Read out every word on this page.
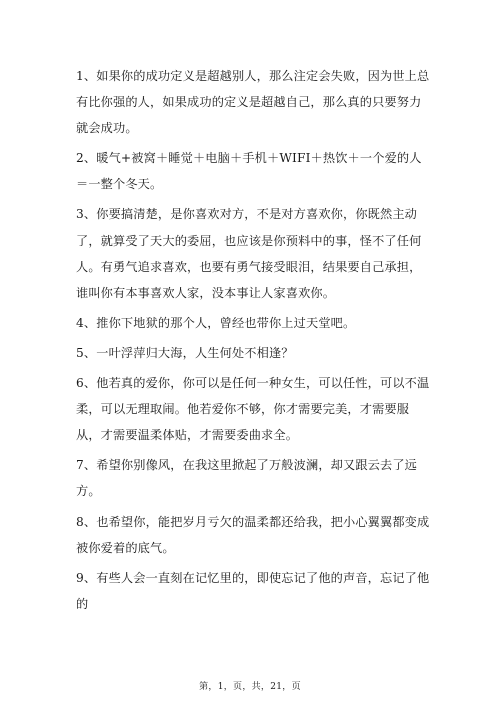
1、如果你的成功定义是超越别人，那么注定会失败，因为世上总有比你强的人，如果成功的定义是超越自己，那么真的只要努力就会成功。

2、暖气+被窝＋睡觉＋电脑＋手机＋WIFI＋热饮＋一个爱的人＝一整个冬天。

3、你要搞清楚，是你喜欢对方，不是对方喜欢你，你既然主动了，就算受了天大的委屈，也应该是你预料中的事，怪不了任何人。有勇气追求喜欢，也要有勇气接受眼泪，结果要自己承担，谁叫你有本事喜欢人家，没本事让人家喜欢你。

4、推你下地狱的那个人，曾经也带你上过天堂吧。

5、一叶浮萍归大海，人生何处不相逢？

6、他若真的爱你，你可以是任何一种女生，可以任性，可以不温柔，可以无理取闹。他若爱你不够，你才需要完美，才需要服从，才需要温柔体贴，才需要委曲求全。

7、希望你别像风，在我这里掀起了万般波澜，却又跟云去了远方。

8、也希望你，能把岁月亏欠的温柔都还给我，把小心翼翼都变成被你爱着的底气。

9、有些人会一直刻在记忆里的，即使忘记了他的声音，忘记了他的

第，1，页，共，21，页
